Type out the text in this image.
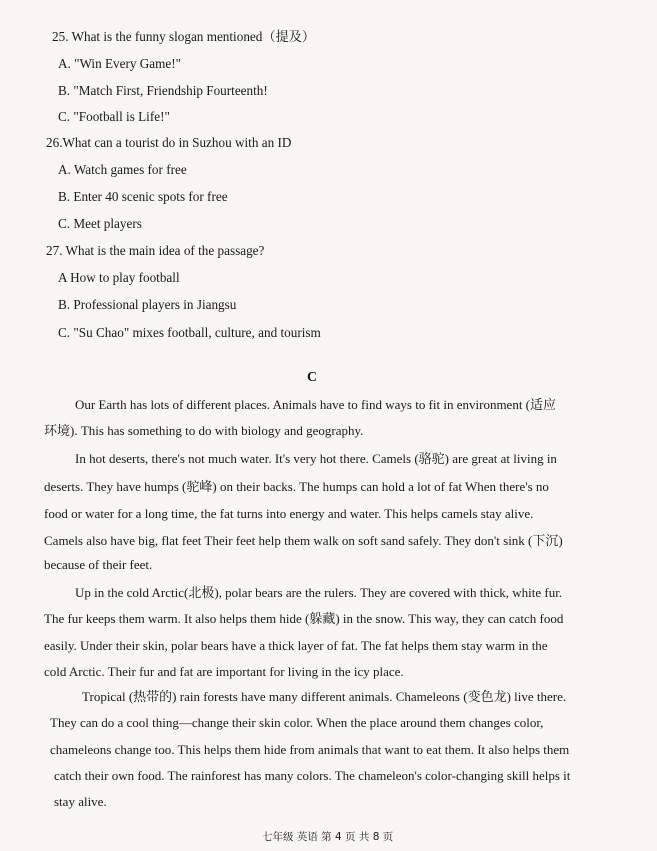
25. What is the funny slogan mentioned（提及）
A. "Win Every Game!"
B. "Match First, Friendship Fourteenth!
C. "Football is Life!"
26.What can a tourist do in Suzhou with an ID
A. Watch games for free
B. Enter 40 scenic spots for free
C. Meet players
27. What is the main idea of the passage?
A How to play football
B. Professional players in Jiangsu
C. "Su Chao" mixes football, culture, and tourism
C
Our Earth has lots of different places. Animals have to find ways to fit in environment (适应
环境). This has something to do with biology and geography.
In hot deserts, there's not much water. It's very hot there. Camels (骆驼) are great at living in
deserts. They have humps (驼峰) on their backs. The humps can hold a lot of fat When there's no
food or water for a long time, the fat turns into energy and water. This helps camels stay alive.
Camels also have big, flat feet Their feet help them walk on soft sand safely. They don't sink (下沉)
because of their feet.
Up in the cold Arctic(北极), polar bears are the rulers. They are covered with thick, white fur.
The fur keeps them warm. It also helps them hide (躲藏) in the snow. This way, they can catch food
easily. Under their skin, polar bears have a thick layer of fat. The fat helps them stay warm in the
cold Arctic. Their fur and fat are important for living in the icy place.
Tropical (热带的) rain forests have many different animals. Chameleons (变色龙) live there.
They can do a cool thing—change their skin color. When the place around them changes color,
chameleons change too. This helps them hide from animals that want to eat them. It also helps them
catch their own food. The rainforest has many colors. The chameleon's color-changing skill helps it
stay alive.
七年级 英语 第 4 页 共 8 页
